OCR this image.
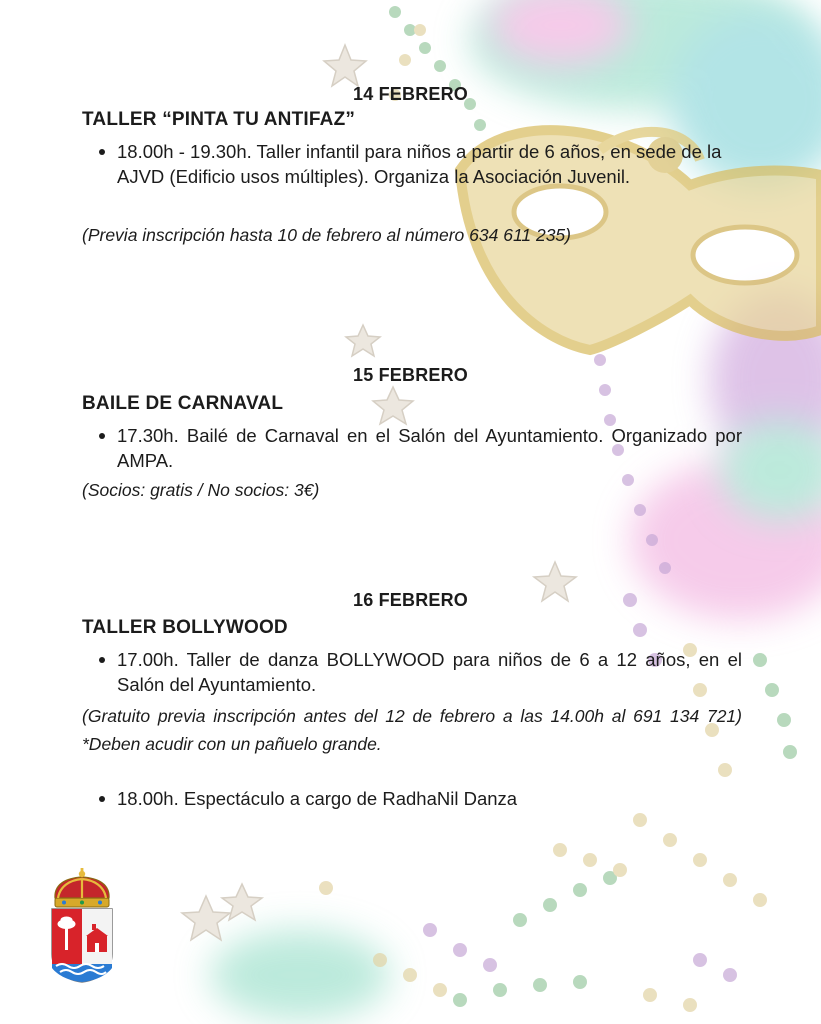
14 FEBRERO
TALLER “PINTA TU ANTIFAZ”
18.00h - 19.30h. Taller infantil para niños a partir de 6 años, en sede de la AJVD (Edificio usos múltiples). Organiza la Asociación Juvenil.
(Previa inscripción hasta 10 de febrero al número 634 611 235)
15 FEBRERO
BAILE DE CARNAVAL
17.30h. Bailé de Carnaval en el Salón del Ayuntamiento. Organizado por AMPA.
(Socios: gratis / No socios: 3€)
16 FEBRERO
TALLER BOLLYWOOD
17.00h. Taller de danza BOLLYWOOD para niños de 6 a 12 años, en el Salón del Ayuntamiento.
(Gratuito previa inscripción antes del 12 de febrero a las 14.00h al 691 134 721) *Deben acudir con un pañuelo grande.
18.00h. Espectáculo a cargo de RadhaNil Danza
